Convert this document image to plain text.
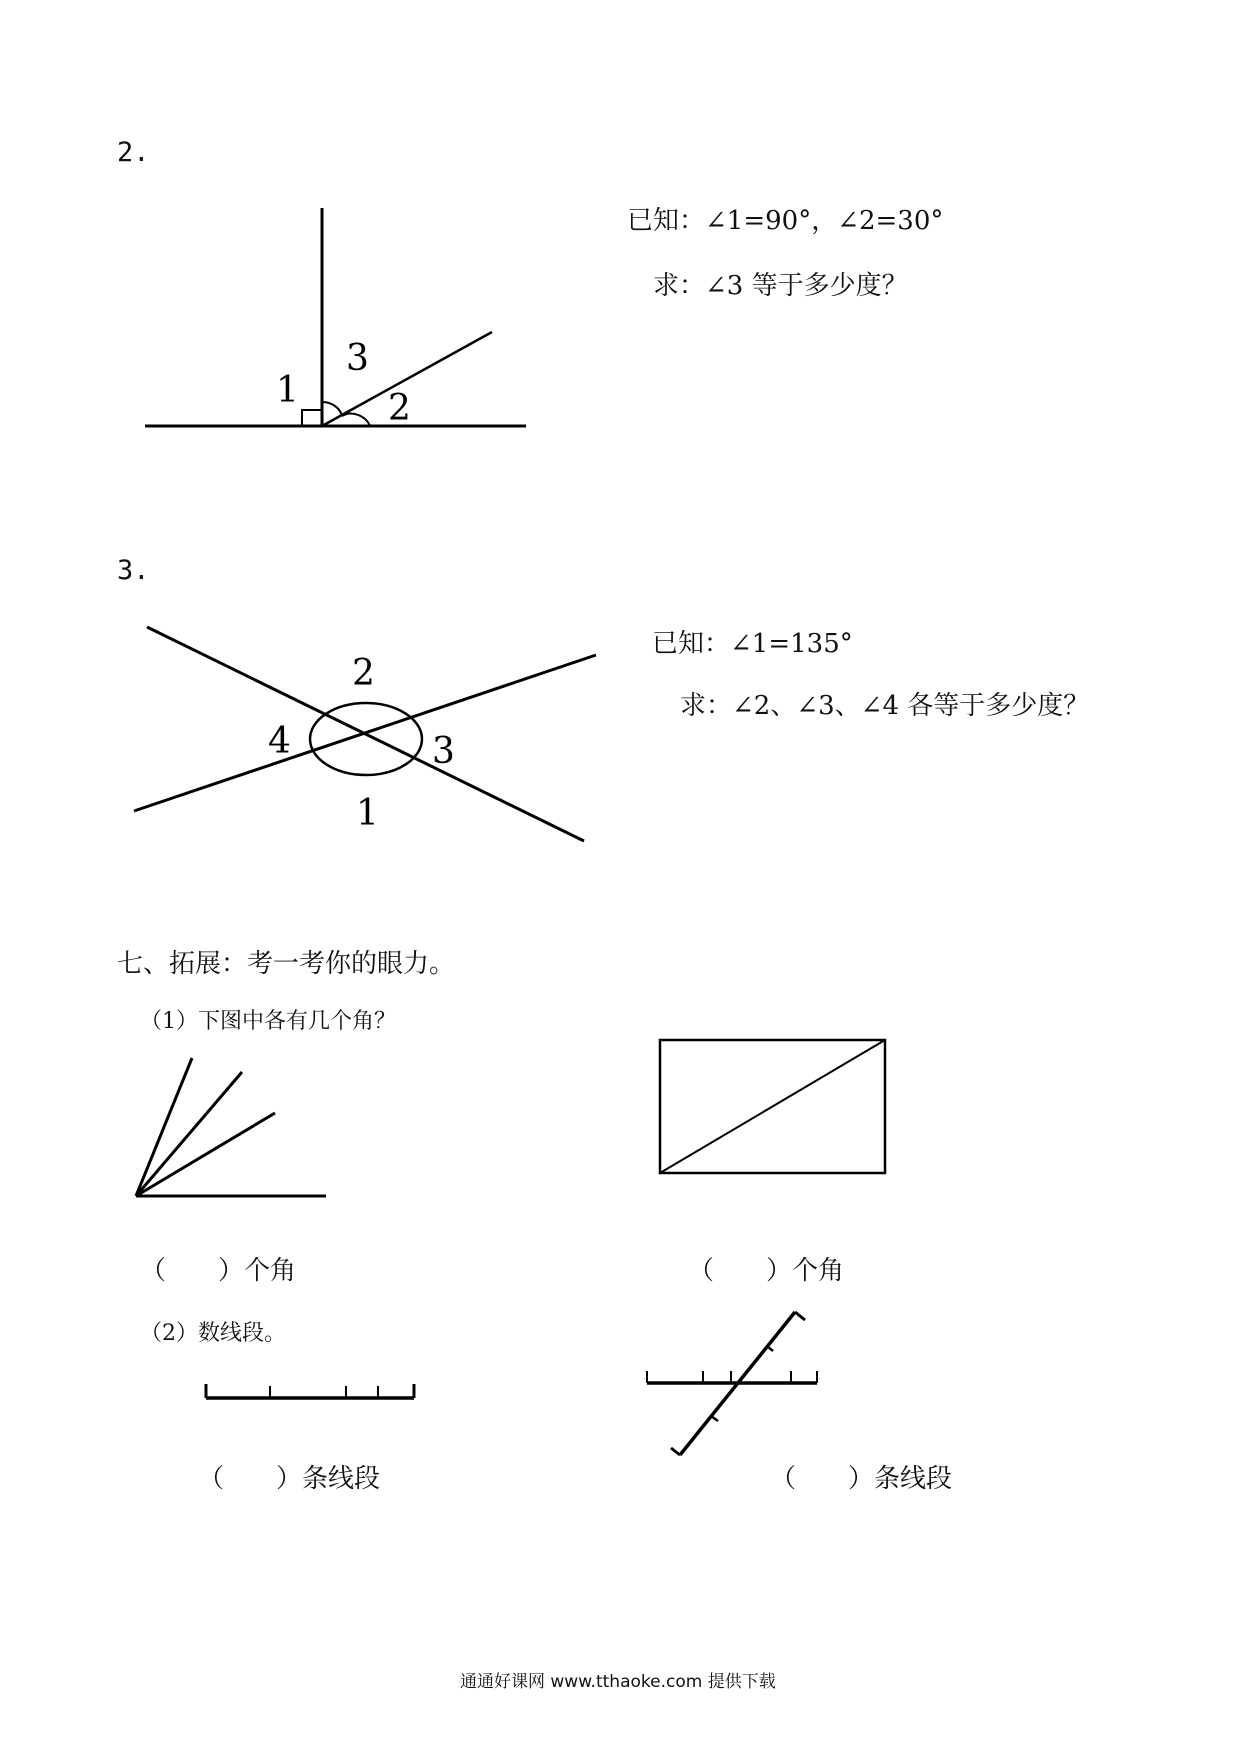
2.
1
3
2
已知：∠1=90°，∠2=30°
求：∠3 等于多少度？
3.
2
4	3
1
已知：∠1=135°
求：∠2、∠3、∠4 各等于多少度？
七、拓展：考一考你的眼力。
（1）下图中各有几个角？
（　　）个角	（　　）个角
（2）数线段。
（　　）条线段	（　　）条线段
通通好课网 www.tthaoke.com 提供下载
